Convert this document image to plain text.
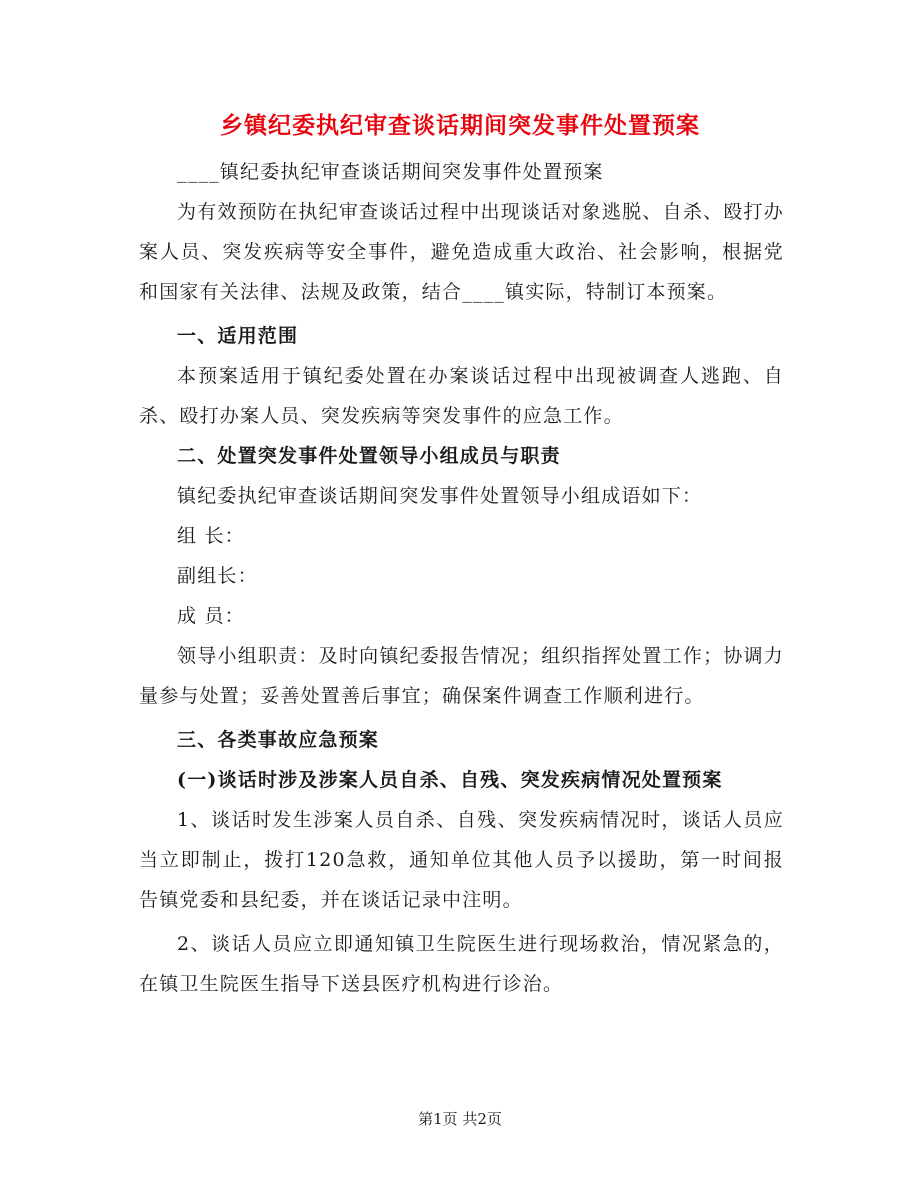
乡镇纪委执纪审查谈话期间突发事件处置预案

____镇纪委执纪审查谈话期间突发事件处置预案

为有效预防在执纪审查谈话过程中出现谈话对象逃脱、自杀、殴打办案人员、突发疾病等安全事件，避免造成重大政治、社会影响，根据党和国家有关法律、法规及政策，结合____镇实际，特制订本预案。

一、适用范围

本预案适用于镇纪委处置在办案谈话过程中出现被调查人逃跑、自杀、殴打办案人员、突发疾病等突发事件的应急工作。

二、处置突发事件处置领导小组成员与职责

镇纪委执纪审查谈话期间突发事件处置领导小组成语如下：

组 长：

副组长：

成 员：

领导小组职责：及时向镇纪委报告情况；组织指挥处置工作；协调力量参与处置；妥善处置善后事宜；确保案件调查工作顺利进行。

三、各类事故应急预案

(一)谈话时涉及涉案人员自杀、自残、突发疾病情况处置预案

1、谈话时发生涉案人员自杀、自残、突发疾病情况时，谈话人员应当立即制止，拨打120急救，通知单位其他人员予以援助，第一时间报告镇党委和县纪委，并在谈话记录中注明。

2、谈话人员应立即通知镇卫生院医生进行现场救治，情况紧急的，在镇卫生院医生指导下送县医疗机构进行诊治。

第1页 共2页
